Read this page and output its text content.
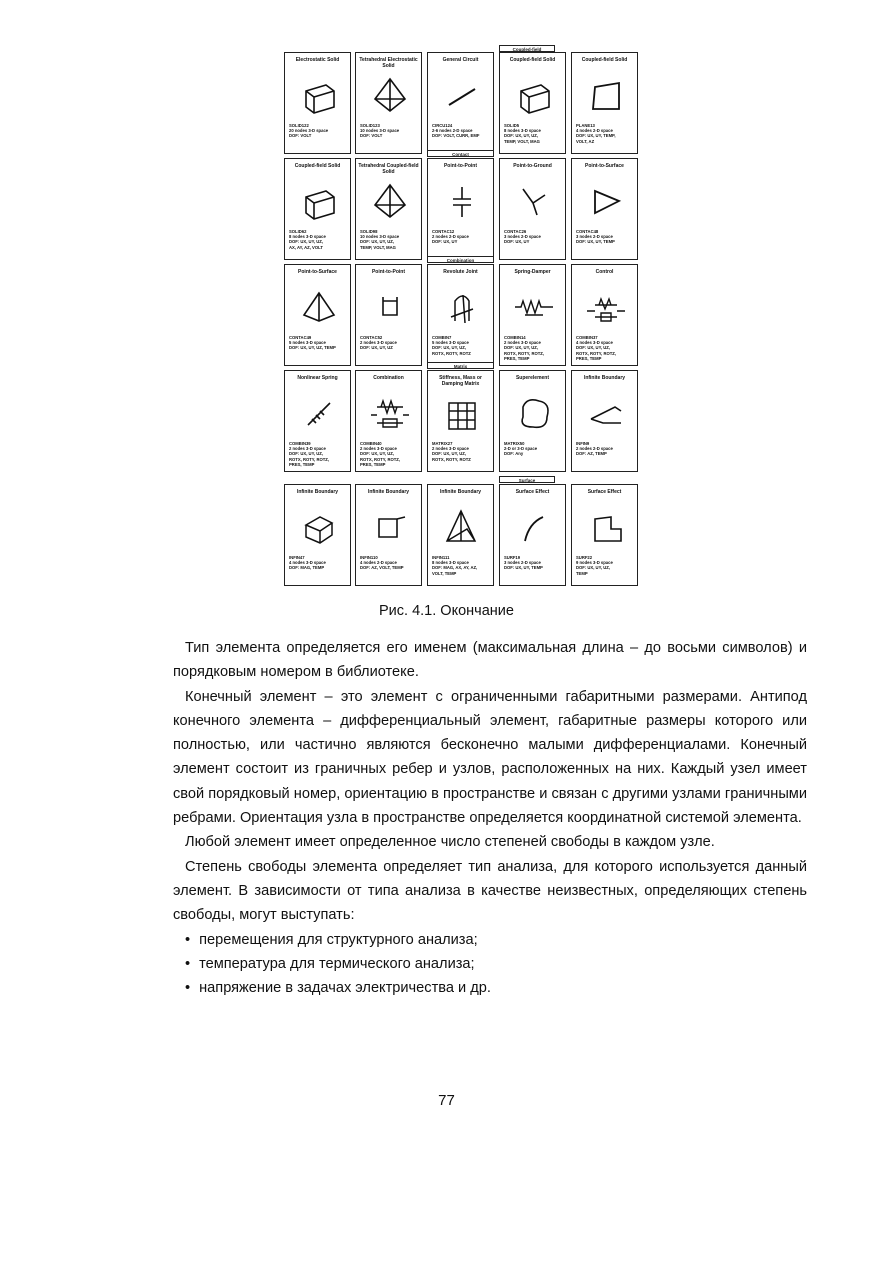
Electrostatic Solid
SOLID122
20 nodes 3-D space
DOF: VOLT
Tetrahedral Electrostatic Solid
SOLID123
10 nodes 3-D space
DOF: VOLT
General Circuit
CIRCU124
2-6 nodes 2-D space
DOF: VOLT, CURR, EMF
Coupled-field Solid
SOLID5
8 nodes 3-D space
DOF: UX, UY, UZ,
TEMP, VOLT, MAG
Coupled-field Solid
PLANE13
4 nodes 2-D space
DOF: UX, UY, TEMP,
VOLT, AZ
Coupled-field Solid
SOLID62
8 nodes 3-D space
DOF: UX, UY, UZ,
AX, AY, AZ, VOLT
Tetrahedral Coupled-field Solid
SOLID98
10 nodes 3-D space
DOF: UX, UY, UZ,
TEMP, VOLT, MAG
Point-to-Point
CONTAC12
2 nodes 2-D space
DOF: UX, UY
Point-to-Ground
CONTAC26
3 nodes 2-D space
DOF: UX, UY
Point-to-Surface
CONTAC48
3 nodes 2-D space
DOF: UX, UY, TEMP
Point-to-Surface
CONTAC49
5 nodes 3-D space
DOF: UX, UY, UZ, TEMP
Point-to-Point
CONTAC52
2 nodes 3-D space
DOF: UX, UY, UZ
Revolute Joint
COMBIN7
5 nodes 3-D space
DOF: UX, UY, UZ,
ROTX, ROTY, ROTZ
Spring-Damper
COMBIN14
2 nodes 3-D space
DOF: UX, UY, UZ,
ROTX, ROTY, ROTZ,
PRES, TEMP
Control
COMBIN37
4 nodes 3-D space
DOF: UX, UY, UZ,
ROTX, ROTY, ROTZ,
PRES, TEMP
Nonlinear Spring
COMBIN39
2 nodes 3-D space
DOF: UX, UY, UZ,
ROTX, ROTY, ROTZ,
PRES, TEMP
Combination
COMBIN40
2 nodes 3-D space
DOF: UX, UY, UZ,
ROTX, ROTY, ROTZ,
PRES, TEMP
Stiffness, Mass or Damping Matrix
MATRIX27
2 nodes 3-D space
DOF: UX, UY, UZ,
ROTX, ROTY, ROTZ
Superelement
MATRIX50
2-D or 3-D space
DOF: Any
Infinite Boundary
INFIN9
2 nodes 2-D space
DOF: AZ, TEMP
Infinite Boundary
INFIN47
4 nodes 3-D space
DOF: MAG, TEMP
Infinite Boundary
INFIN110
4 nodes 2-D space
DOF: AZ, VOLT, TEMP
Infinite Boundary
INFIN111
8 nodes 3-D space
DOF: MAG, AX, AY, AZ,
VOLT, TEMP
Surface Effect
SURF19
3 nodes 2-D space
DOF: UX, UY, TEMP
Surface Effect
SURF22
9 nodes 3-D space
DOF: UX, UY, UZ,
TEMP
Coupled-field
Contact
Combination
Matrix
Surface
Рис. 4.1. Окончание

Тип элемента определяется его именем (максимальная длина – до восьми символов) и порядковым номером в библиотеке.

Конечный элемент – это элемент с ограниченными габаритными размерами. Антипод конечного элемента – дифференциальный элемент, габаритные размеры которого или полностью, или частично являются бесконечно малыми дифференциалами. Конечный элемент состоит из граничных ребер и узлов, расположенных на них. Каждый узел имеет свой порядковый номер, ориентацию в пространстве и связан с другими узлами граничными ребрами. Ориентация узла в пространстве определяется координатной системой элемента.

Любой элемент имеет определенное число степеней свободы в каждом узле.

Степень свободы элемента определяет тип анализа, для которого используется данный элемент. В зависимости от типа анализа в качестве неизвестных, определяющих степень свободы, могут выступать:

• перемещения для структурного анализа;
• температура для термического анализа;
• напряжение в задачах электричества и др.
77
